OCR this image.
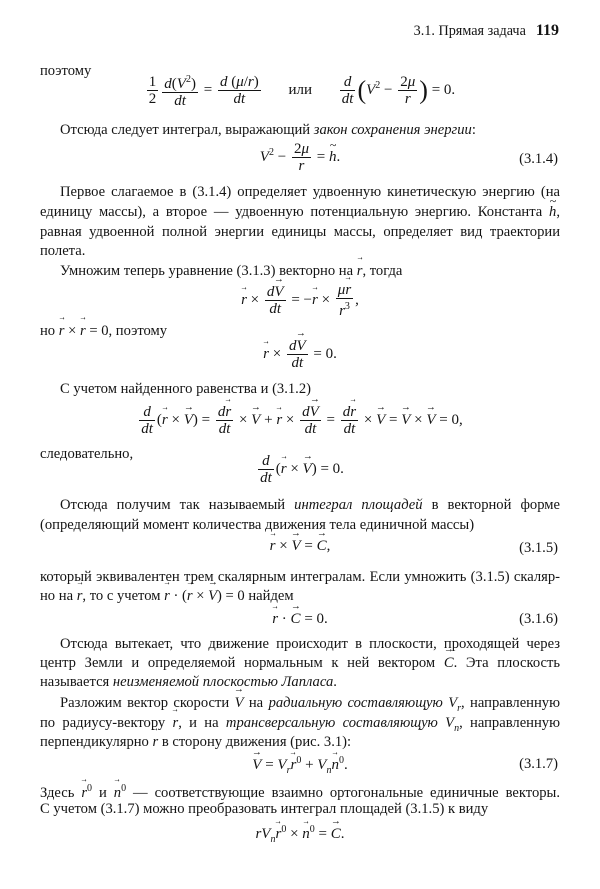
3.1. Прямая задача 119
поэтому
$\frac{1}{2} \frac{d(V^2)}{dt} = \frac{d (\mu/r)}{dt}$ или $\frac{d}{dt} (V^2 - \frac{2\mu}{r}$ ) = 0.
Отсюда следует интеграл, выражающий закон сохранения энергии:
$V^2 - \frac{2\mu}{r}$ = ~ h.	(3.1.4)
Первое слагаемое в (3.1.4) определяет удвоенную кинетическую энергию (на
единицу массы), а второе — удвоенную потенциальную энергию. Константа ~ h,
равная удвоенной полной энергии единицы массы, определяет вид траектории
полета.
Умножим теперь уравнение (3.1.3) векторно на → r, тогда
→ $r \times \frac{d\to V}{dt}$ = −→ $r \times \frac{\mu\to r}{r^3}$ ,
но → r × → r = 0, поэтому
→ $r \times \frac{d\to V}{dt} = 0$.
С учетом найденного равенства и (3.1.2)
$\frac{d}{dt}$ (→ r × → $V) = \frac{d\to r}{dt}$ × → V + → $r \times \frac{d\to V}{dt} = \frac{d\to r}{dt}$ × → V = → V × → V = 0,
следовательно,	$\frac{d}{dt}$ (→ r × → V) = 0.
Отсюда получим так называемый интеграл площадей в векторной форме
(определяющий момент количества движения тела единичной массы)
→ r × → V = → C,	(3.1.5)
который эквивалентен трем скалярным интегралам. Если умножить (3.1.5) скаляр-
но на → r, то с учетом → r · (→ r × → V) = 0 найдем
→ r · → C = 0.	(3.1.6)
Отсюда вытекает, что движение происходит в плоскости, проходящей через
центр Земли и определяемой нормальным к ней вектором → C. Эта плоскость
называется неизменяемой плоскостью Лапласа.
Разложим вектор скорости → V на радиальную составляющую $V_r$, направленную
по радиусу-вектору → r, и на трансверсальную составляющую $V_n$, направленную
перпендикулярно → r в сторону движения (рис. 3.1):
→ $V = V_r\to r^0 + V_n\to n^0$.	(3.1.7)
Здесь → $r^0$ $и \to n^0$ — соответствующие взаимно ортогональные единичные векторы.
С учетом (3.1.7) можно преобразовать интеграл площадей (3.1.5) к виду
$rV_n\to r^0$ × → $n^0$ = → C.
